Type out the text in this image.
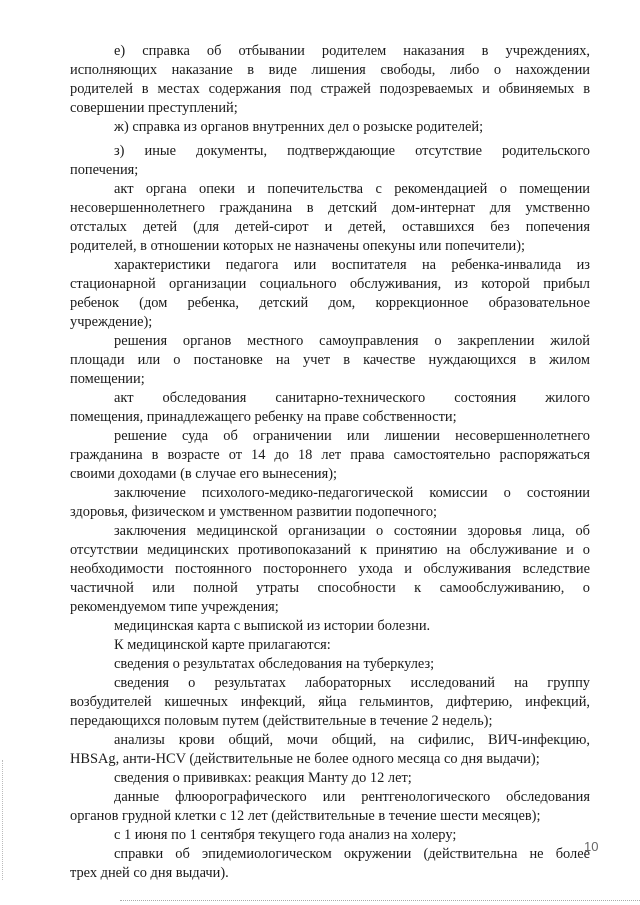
е) справка об отбывании родителем наказания в учреждениях,
исполняющих наказание в виде лишения свободы, либо о нахождении
родителей в местах содержания под стражей подозреваемых и обвиняемых в
совершении преступлений;
ж) справка из органов внутренних дел о розыске родителей;
з) иные документы, подтверждающие отсутствие родительского
попечения;
акт органа опеки и попечительства с рекомендацией о помещении
несовершеннолетнего гражданина в детский дом-интернат для умственно
отсталых детей (для детей-сирот и детей, оставшихся без попечения
родителей, в отношении которых не назначены опекуны или попечители);
характеристики педагога или воспитателя на ребенка-инвалида из
стационарной организации социального обслуживания, из которой прибыл
ребенок (дом ребенка, детский дом, коррекционное образовательное
учреждение);
решения органов местного самоуправления о закреплении жилой
площади или о постановке на учет в качестве нуждающихся в жилом
помещении;
акт обследования санитарно-технического состояния жилого
помещения, принадлежащего ребенку на праве собственности;
решение суда об ограничении или лишении несовершеннолетнего
гражданина в возрасте от 14 до 18 лет права самостоятельно распоряжаться
своими доходами (в случае его вынесения);
заключение психолого-медико-педагогической комиссии о состоянии
здоровья, физическом и умственном развитии подопечного;
заключения медицинской организации о состоянии здоровья лица, об
отсутствии медицинских противопоказаний к принятию на обслуживание и о
необходимости постоянного постороннего ухода и обслуживания вследствие
частичной или полной утраты способности к самообслуживанию, о
рекомендуемом типе учреждения;
медицинская карта с выпиской из истории болезни.
К медицинской карте прилагаются:
сведения о результатах обследования на туберкулез;
сведения о результатах лабораторных исследований на группу
возбудителей кишечных инфекций, яйца гельминтов, дифтерию, инфекций,
передающихся половым путем (действительные в течение 2 недель);
анализы крови общий, мочи общий, на сифилис, ВИЧ-инфекцию,
HBSAg, анти-HCV (действительные не более одного месяца со дня выдачи);
сведения о прививках: реакция Манту до 12 лет;
данные флюорографического или рентгенологического обследования
органов грудной клетки с 12 лет (действительные в течение шести месяцев);
с 1 июня по 1 сентября текущего года анализ на холеру;
справки об эпидемиологическом окружении (действительна не более
трех дней со дня выдачи).
10
